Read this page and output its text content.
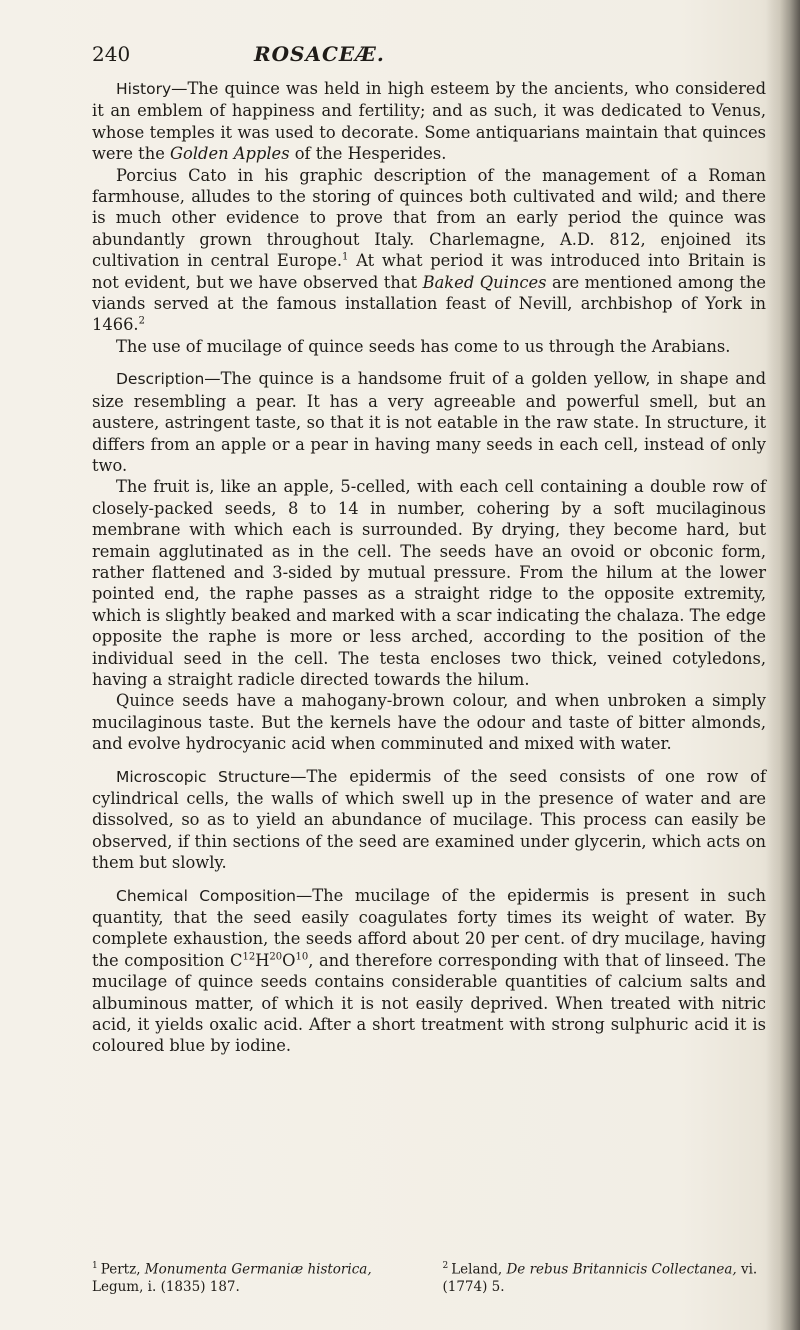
240	ROSACEÆ.

History—The quince was held in high esteem by the ancients, who considered it an emblem of happiness and fertility; and as such, it was dedicated to Venus, whose temples it was used to decorate. Some antiquarians maintain that quinces were the Golden Apples of the Hesperides.

Porcius Cato in his graphic description of the management of a Roman farmhouse, alludes to the storing of quinces both cultivated and wild; and there is much other evidence to prove that from an early period the quince was abundantly grown throughout Italy. Charlemagne, A.D. 812, enjoined its cultivation in central Europe.$^1$ At what period it was introduced into Britain is not evident, but we have observed that Baked Quinces are mentioned among the viands served at the famous installation feast of Nevill, archbishop of York in 1466.$^2$

The use of mucilage of quince seeds has come to us through the Arabians.

Description—The quince is a handsome fruit of a golden yellow, in shape and size resembling a pear. It has a very agreeable and powerful smell, but an austere, astringent taste, so that it is not eatable in the raw state. In structure, it differs from an apple or a pear in having many seeds in each cell, instead of only two.

The fruit is, like an apple, 5-celled, with each cell containing a double row of closely-packed seeds, 8 to 14 in number, cohering by a soft mucilaginous membrane with which each is surrounded. By drying, they become hard, but remain agglutinated as in the cell. The seeds have an ovoid or obconic form, rather flattened and 3-sided by mutual pressure. From the hilum at the lower pointed end, the raphe passes as a straight ridge to the opposite extremity, which is slightly beaked and marked with a scar indicating the chalaza. The edge opposite the raphe is more or less arched, according to the position of the individual seed in the cell. The testa encloses two thick, veined cotyledons, having a straight radicle directed towards the hilum.

Quince seeds have a mahogany-brown colour, and when unbroken a simply mucilaginous taste. But the kernels have the odour and taste of bitter almonds, and evolve hydrocyanic acid when comminuted and mixed with water.

Microscopic Structure—The epidermis of the seed consists of one row of cylindrical cells, the walls of which swell up in the presence of water and are dissolved, so as to yield an abundance of mucilage. This process can easily be observed, if thin sections of the seed are examined under glycerin, which acts on them but slowly.

Chemical Composition—The mucilage of the epidermis is present in such quantity, that the seed easily coagulates forty times its weight of water. By complete exhaustion, the seeds afford about 20 per cent. of dry mucilage, having the composition $C^{12}H^{20}O^{10}$, and therefore corresponding with that of linseed. The mucilage of quince seeds contains considerable quantities of calcium salts and albuminous matter, of which it is not easily deprived. When treated with nitric acid, it yields oxalic acid. After a short treatment with strong sulphuric acid it is coloured blue by iodine.

$^1$ Pertz, Monumenta Germaniæ historica, Legum, i. (1835) 187.
$^2$ Leland, De rebus Britannicis Collectanea, vi. (1774) 5.
